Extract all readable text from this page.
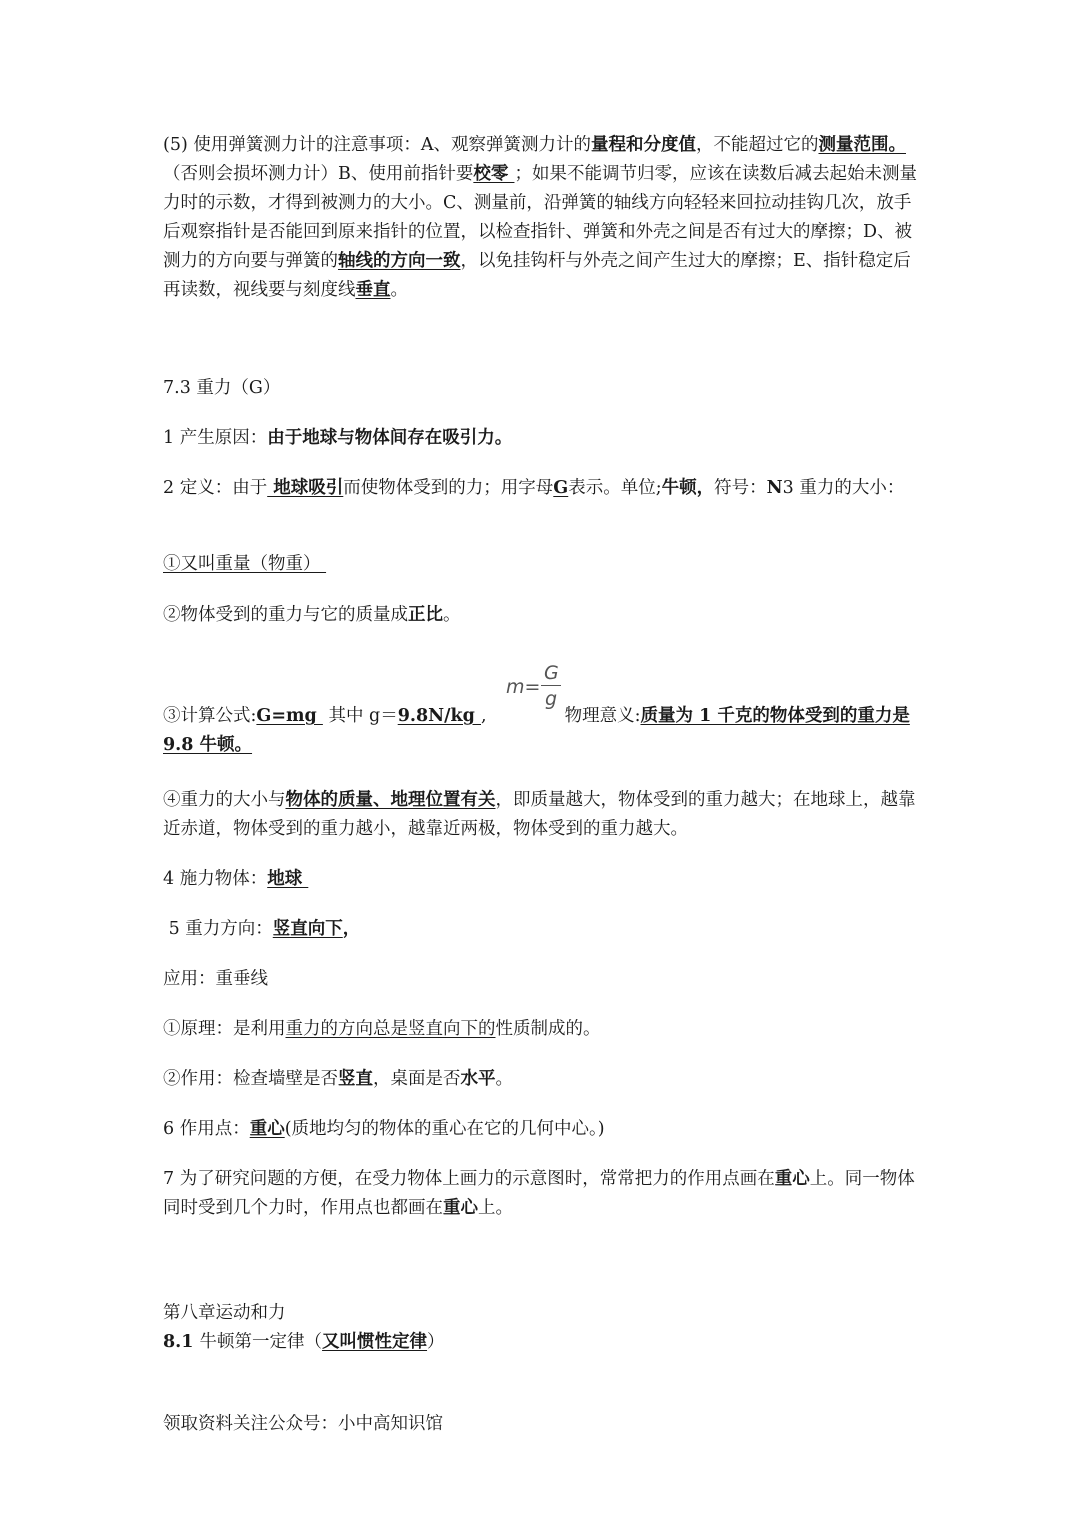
(5) 使用弹簧测力计的注意事项：A、观察弹簧测力计的量程和分度值，不能超过它的测量范围。（否则会损坏测力计）B、使用前指针要校零 ；如果不能调节归零，应该在读数后减去起始未测量力时的示数，才得到被测力的大小。C、测量前，沿弹簧的轴线方向轻轻来回拉动挂钩几次，放手后观察指针是否能回到原来指针的位置，以检查指针、弹簧和外壳之间是否有过大的摩擦；D、被测力的方向要与弹簧的轴线的方向一致，以免挂钩杆与外壳之间产生过大的摩擦；E、指针稳定后再读数，视线要与刻度线垂直。
7.3 重力（G）
1 产生原因：由于地球与物体间存在吸引力。
2 定义：由于 地球吸引而使物体受到的力；用字母G表示。单位;牛顿，符号：N3 重力的大小：
①又叫重量（物重）
②物体受到的重力与它的质量成正比。
m=
G
g
③计算公式:G=mg  其中 g＝9.8N/kg ,	物理意义:质量为 1 千克的物体受到的重力是 9.8 牛顿。
④重力的大小与物体的质量、地理位置有关，即质量越大，物体受到的重力越大；在地球上，越靠近赤道，物体受到的重力越小，越靠近两极，物体受到的重力越大。
4 施力物体：地球
5 重力方向：竖直向下，
应用：重垂线
①原理：是利用重力的方向总是竖直向下的性质制成的。
②作用：检查墙壁是否竖直，桌面是否水平。
6 作用点：重心(质地均匀的物体的重心在它的几何中心。)
7 为了研究问题的方便，在受力物体上画力的示意图时，常常把力的作用点画在重心上。同一物体同时受到几个力时，作用点也都画在重心上。
第八章运动和力
8.1 牛顿第一定律（又叫惯性定律）
领取资料关注公众号：小中高知识馆
